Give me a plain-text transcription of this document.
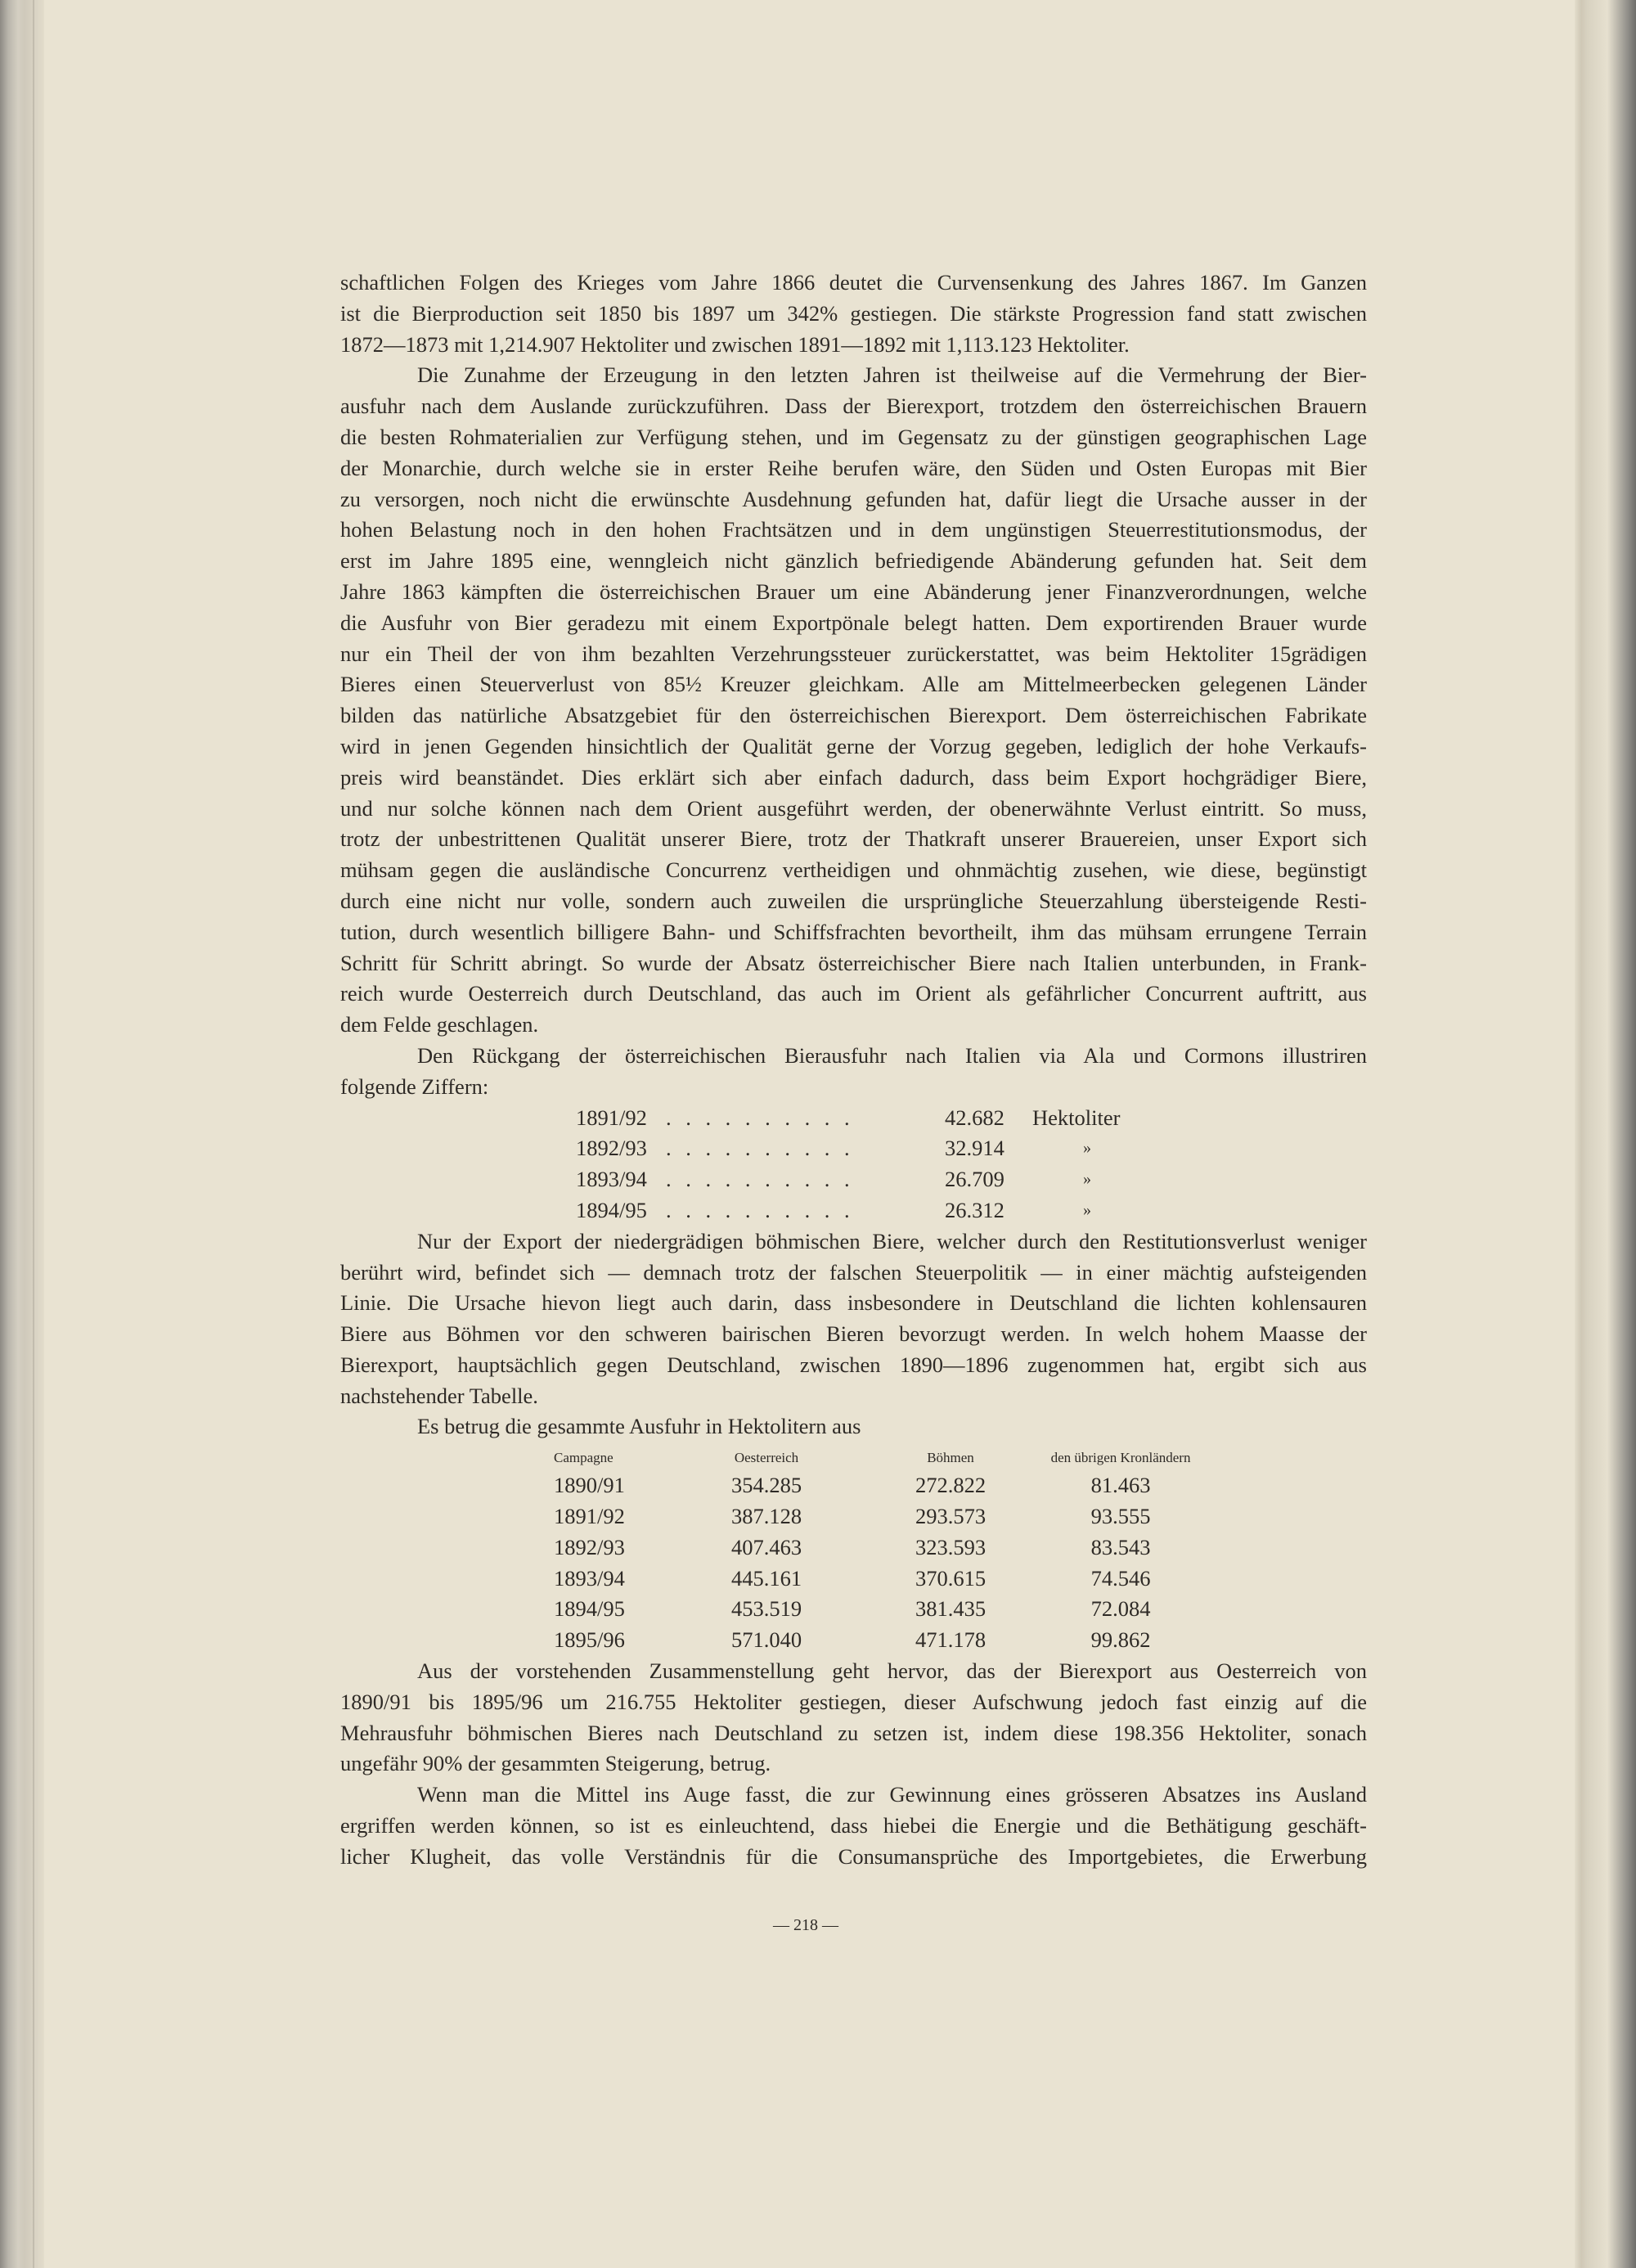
schaftlichen Folgen des Krieges vom Jahre 1866 deutet die Curvensenkung des Jahres 1867. Im Ganzen
ist die Bierproduction seit 1850 bis 1897 um 342% gestiegen. Die stärkste Progression fand statt zwischen
1872—1873 mit 1,214.907 Hektoliter und zwischen 1891—1892 mit 1,113.123 Hektoliter.
Die Zunahme der Erzeugung in den letzten Jahren ist theilweise auf die Vermehrung der Bier-
ausfuhr nach dem Auslande zurückzuführen. Dass der Bierexport, trotzdem den österreichischen Brauern
die besten Rohmaterialien zur Verfügung stehen, und im Gegensatz zu der günstigen geographischen Lage
der Monarchie, durch welche sie in erster Reihe berufen wäre, den Süden und Osten Europas mit Bier
zu versorgen, noch nicht die erwünschte Ausdehnung gefunden hat, dafür liegt die Ursache ausser in der
hohen Belastung noch in den hohen Frachtsätzen und in dem ungünstigen Steuerrestitutionsmodus, der
erst im Jahre 1895 eine, wenngleich nicht gänzlich befriedigende Abänderung gefunden hat. Seit dem
Jahre 1863 kämpften die österreichischen Brauer um eine Abänderung jener Finanzverordnungen, welche
die Ausfuhr von Bier geradezu mit einem Exportpönale belegt hatten. Dem exportirenden Brauer wurde
nur ein Theil der von ihm bezahlten Verzehrungssteuer zurückerstattet, was beim Hektoliter 15grädigen
Bieres einen Steuerverlust von 85½ Kreuzer gleichkam. Alle am Mittelmeerbecken gelegenen Länder
bilden das natürliche Absatzgebiet für den österreichischen Bierexport. Dem österreichischen Fabrikate
wird in jenen Gegenden hinsichtlich der Qualität gerne der Vorzug gegeben, lediglich der hohe Verkaufs-
preis wird beanständet. Dies erklärt sich aber einfach dadurch, dass beim Export hochgrädiger Biere,
und nur solche können nach dem Orient ausgeführt werden, der obenerwähnte Verlust eintritt. So muss,
trotz der unbestrittenen Qualität unserer Biere, trotz der Thatkraft unserer Brauereien, unser Export sich
mühsam gegen die ausländische Concurrenz vertheidigen und ohnmächtig zusehen, wie diese, begünstigt
durch eine nicht nur volle, sondern auch zuweilen die ursprüngliche Steuerzahlung übersteigende Resti-
tution, durch wesentlich billigere Bahn- und Schiffsfrachten bevortheilt, ihm das mühsam errungene Terrain
Schritt für Schritt abringt. So wurde der Absatz österreichischer Biere nach Italien unterbunden, in Frank-
reich wurde Oesterreich durch Deutschland, das auch im Orient als gefährlicher Concurrent auftritt, aus
dem Felde geschlagen.
Den Rückgang der österreichischen Bierausfuhr nach Italien via Ala und Cormons illustriren
folgende Ziffern:
1891/92 ..........	42.682 Hektoliter
1892/93 ..........	32.914	»
1893/94 ..........	26.709	»
1894/95 ..........	26.312	»
Nur der Export der niedergrädigen böhmischen Biere, welcher durch den Restitutionsverlust weniger
berührt wird, befindet sich — demnach trotz der falschen Steuerpolitik — in einer mächtig aufsteigenden
Linie. Die Ursache hievon liegt auch darin, dass insbesondere in Deutschland die lichten kohlensauren
Biere aus Böhmen vor den schweren bairischen Bieren bevorzugt werden. In welch hohem Maasse der
Bierexport, hauptsächlich gegen Deutschland, zwischen 1890—1896 zugenommen hat, ergibt sich aus
nachstehender Tabelle.
Es betrug die gesammte Ausfuhr in Hektolitern aus
Campagne	Oesterreich	Böhmen	den übrigen Kronländern
1890/91	354.285	272.822	81.463
1891/92	387.128	293.573	93.555
1892/93	407.463	323.593	83.543
1893/94	445.161	370.615	74.546
1894/95	453.519	381.435	72.084
1895/96	571.040	471.178	99.862
Aus der vorstehenden Zusammenstellung geht hervor, das der Bierexport aus Oesterreich von
1890/91 bis 1895/96 um 216.755 Hektoliter gestiegen, dieser Aufschwung jedoch fast einzig auf die
Mehrausfuhr böhmischen Bieres nach Deutschland zu setzen ist, indem diese 198.356 Hektoliter, sonach
ungefähr 90% der gesammten Steigerung, betrug.
Wenn man die Mittel ins Auge fasst, die zur Gewinnung eines grösseren Absatzes ins Ausland
ergriffen werden können, so ist es einleuchtend, dass hiebei die Energie und die Bethätigung geschäft-
licher Klugheit, das volle Verständnis für die Consumansprüche des Importgebietes, die Erwerbung
— 218 —
